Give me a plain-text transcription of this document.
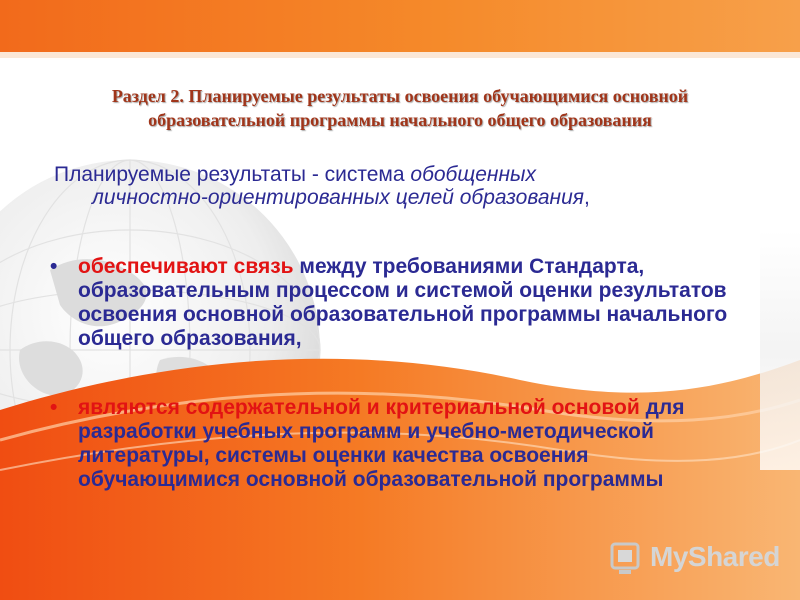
Раздел 2. Планируемые результаты освоения обучающимися основной
образовательной программы начального общего образования
Планируемые результаты - система обобщенных
личностно-ориентированных целей образования,
• обеспечивают связь между требованиями Стандарта, образовательным процессом и системой оценки результатов освоения основной образовательной программы начального общего образования,
• являются содержательной и критериальной основой для разработки учебных программ и учебно-методической литературы, системы оценки качества освоения обучающимися основной образовательной программы
MyShared
